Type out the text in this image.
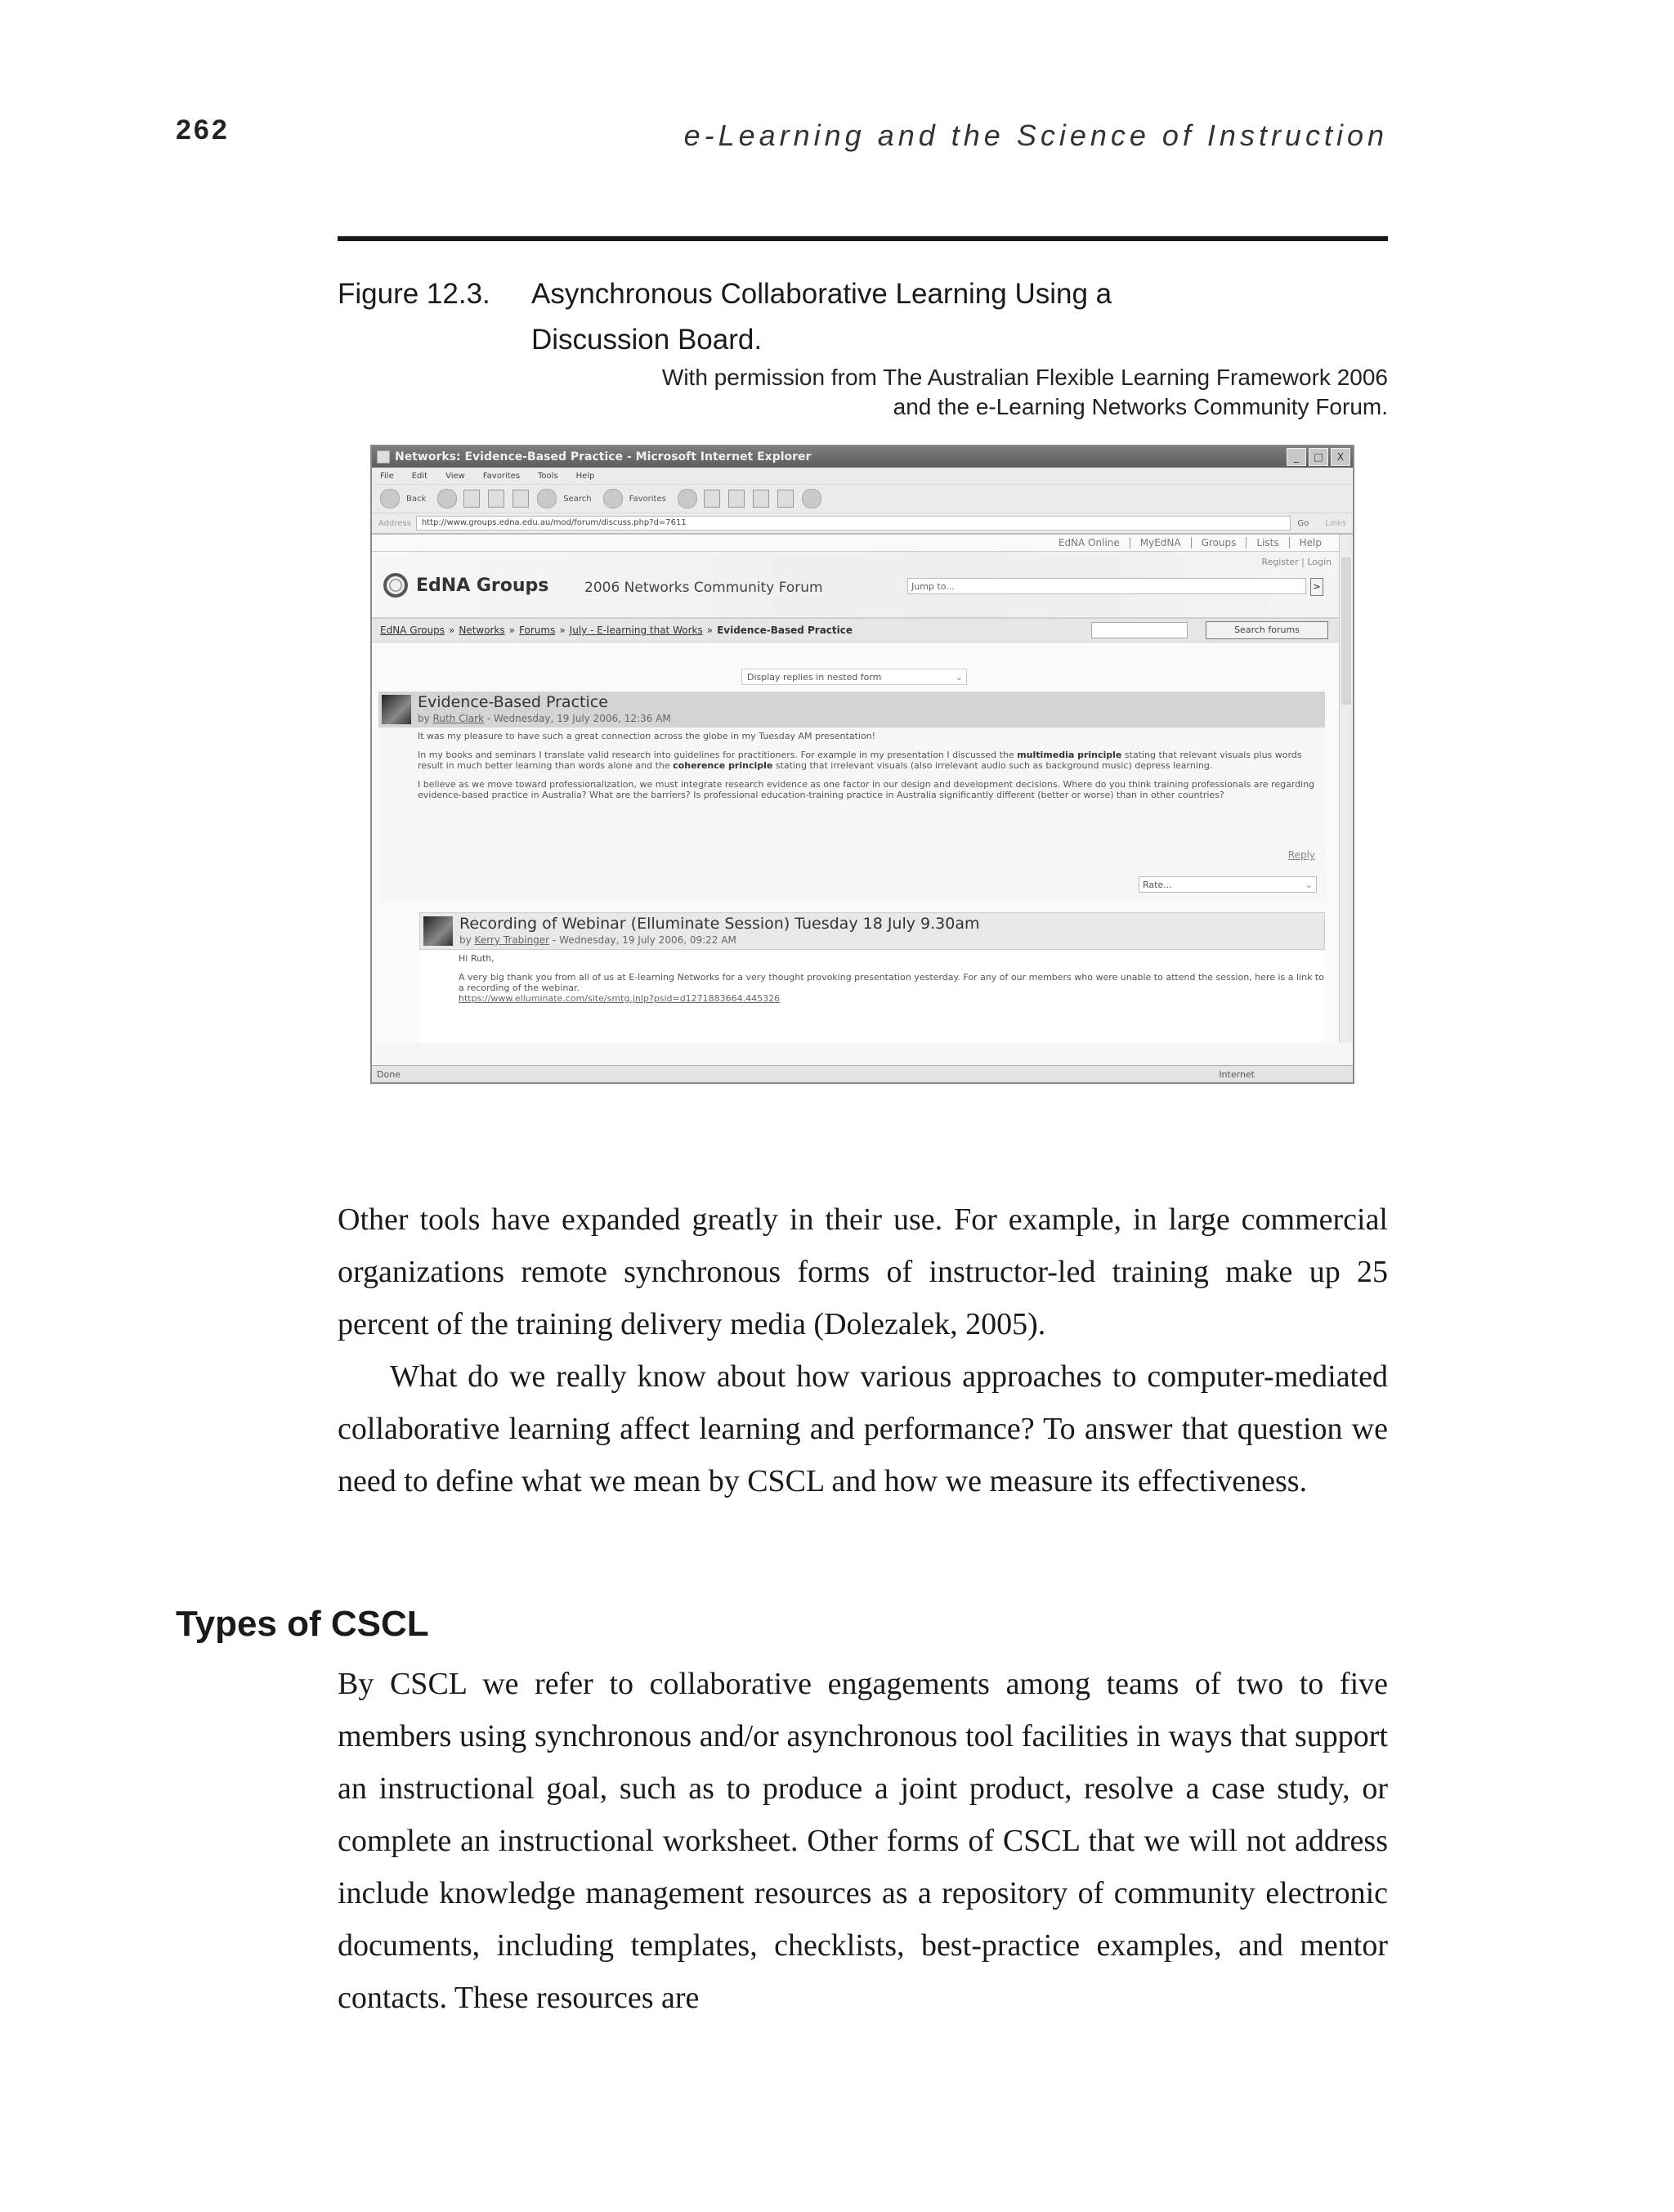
262	e-Learning and the Science of Instruction
Figure 12.3.	Asynchronous Collaborative Learning Using a
Discussion Board.
With permission from The Australian Flexible Learning Framework 2006
and the e-Learning Networks Community Forum.
Networks: Evidence-Based Practice - Microsoft Internet Explorer	_	□	X
File Edit View Favorites Tools Help
Back	Search	Favorites
Address	http://www.groups.edna.edu.au/mod/forum/discuss.php?d=7611	Go Links
EdNA Online	MyEdNA	Groups	Lists	Help
EdNA Groups	2006 Networks Community Forum
Register | Login
Jump to...	>
EdNA Groups » Networks » Forums » July - E-learning that Works » Evidence-Based Practice	Search forums
Display replies in nested form	⌄
Evidence-Based Practice
by Ruth Clark - Wednesday, 19 July 2006, 12:36 AM

It was my pleasure to have such a great connection across the globe in my Tuesday AM presentation!

In my books and seminars I translate valid research into guidelines for practitioners. For example in my presentation I discussed the multimedia principle stating that relevant visuals plus words result in much better learning than words alone and the coherence principle stating that irrelevant visuals (also irrelevant audio such as background music) depress learning.

I believe as we move toward professionalization, we must integrate research evidence as one factor in our design and development decisions. Where do you think training professionals are regarding evidence-based practice in Australia? What are the barriers? Is professional education-training practice in Australia significantly different (better or worse) than in other countries?

Reply
Rate...	⌄
Recording of Webinar (Elluminate Session) Tuesday 18 July 9.30am
by Kerry Trabinger - Wednesday, 19 July 2006, 09:22 AM

Hi Ruth,

A very big thank you from all of us at E-learning Networks for a very thought provoking presentation yesterday. For any of our members who were unable to attend the session, here is a link to a recording of the webinar.

https://www.elluminate.com/site/smtg.jnlp?psid=d1271883664.445326
Done	Internet

Other tools have expanded greatly in their use. For example, in large commercial organizations remote synchronous forms of instructor-led training make up 25 percent of the training delivery media (Dolezalek, 2005).

What do we really know about how various approaches to computer-mediated collaborative learning affect learning and performance? To answer that question we need to define what we mean by CSCL and how we measure its effectiveness.

Types of CSCL

By CSCL we refer to collaborative engagements among teams of two to five members using synchronous and/or asynchronous tool facilities in ways that support an instructional goal, such as to produce a joint product, resolve a case study, or complete an instructional worksheet. Other forms of CSCL that we will not address include knowledge management resources as a repository of community electronic documents, including templates, checklists, best-practice examples, and mentor contacts. These resources are
